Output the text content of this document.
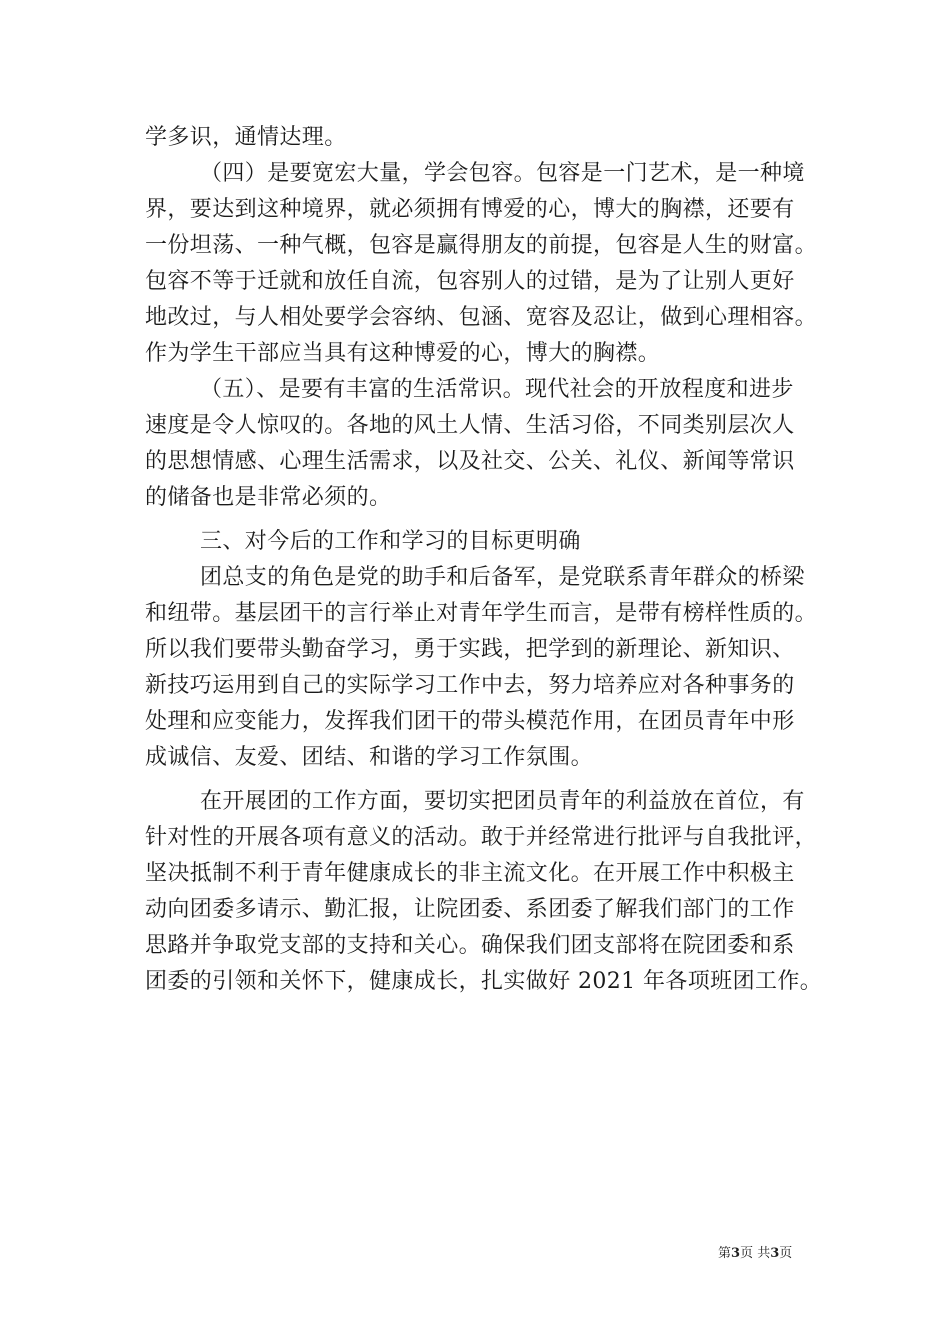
学多识，通情达理。
（四）是要宽宏大量，学会包容。包容是一门艺术，是一种境
界，要达到这种境界，就必须拥有博爱的心，博大的胸襟，还要有
一份坦荡、一种气概，包容是赢得朋友的前提，包容是人生的财富。
包容不等于迁就和放任自流，包容别人的过错，是为了让别人更好
地改过，与人相处要学会容纳、包涵、宽容及忍让，做到心理相容。
作为学生干部应当具有这种博爱的心，博大的胸襟。
（五）、是要有丰富的生活常识。现代社会的开放程度和进步
速度是令人惊叹的。各地的风土人情、生活习俗，不同类别层次人
的思想情感、心理生活需求，以及社交、公关、礼仪、新闻等常识
的储备也是非常必须的。
三、对今后的工作和学习的目标更明确
团总支的角色是党的助手和后备军，是党联系青年群众的桥梁
和纽带。基层团干的言行举止对青年学生而言，是带有榜样性质的。
所以我们要带头勤奋学习，勇于实践，把学到的新理论、新知识、
新技巧运用到自己的实际学习工作中去，努力培养应对各种事务的
处理和应变能力，发挥我们团干的带头模范作用，在团员青年中形
成诚信、友爱、团结、和谐的学习工作氛围。
在开展团的工作方面，要切实把团员青年的利益放在首位，有
针对性的开展各项有意义的活动。敢于并经常进行批评与自我批评，
坚决抵制不利于青年健康成长的非主流文化。在开展工作中积极主
动向团委多请示、勤汇报，让院团委、系团委了解我们部门的工作
思路并争取党支部的支持和关心。确保我们团支部将在院团委和系
团委的引领和关怀下，健康成长，扎实做好 2021 年各项班团工作。
第3页 共3页
